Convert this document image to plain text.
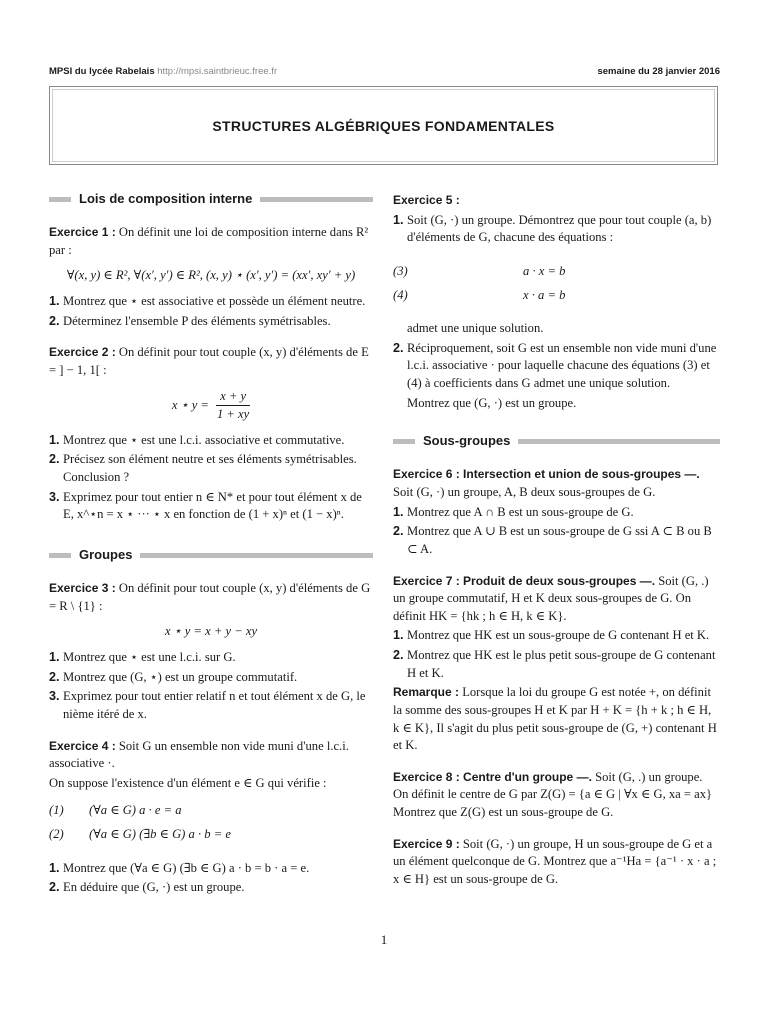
MPSI du lycée Rabelais http://mpsi.saintbrieuc.free.fr	semaine du 28 janvier 2016
STRUCTURES ALGÉBRIQUES FONDAMENTALES
Lois de composition interne
Exercice 1 : On définit une loi de composition interne dans R² par :
∀(x, y) ∈ R², ∀(x′, y′) ∈ R², (x, y) ⋆ (x′, y′) = (xx′, xy′ + y)
1. Montrez que ⋆ est associative et possède un élément neutre.
2. Déterminez l'ensemble P des éléments symétrisables.
Exercice 2 : On définit pour tout couple (x, y) d'éléments de E = ] − 1, 1[ :
x ⋆ $y = \frac{x + y}{1 + xy}$
1. Montrez que ⋆ est une l.c.i. associative et commutative.
2. Précisez son élément neutre et ses éléments symétrisables. Conclusion ?
3. Exprimez pour tout entier n ∈ N* et pour tout élément x de E, x^⋆n = x ⋆ ··· ⋆ x en fonction de (1 + x)ⁿ et (1 − x)ⁿ.
Groupes
Exercice 3 : On définit pour tout couple (x, y) d'éléments de G = R \ {1} :
x ⋆ y = x + y − xy
1. Montrez que ⋆ est une l.c.i. sur G.
2. Montrez que (G, ⋆) est un groupe commutatif.
3. Exprimez pour tout entier relatif n et tout élément x de G, le nième itéré de x.
Exercice 4 : Soit G un ensemble non vide muni d'une l.c.i. associative ·.
On suppose l'existence d'un élément e ∈ G qui vérifie :
(1)	(∀a ∈ G) a · e = a
(2)	(∀a ∈ G) (∃b ∈ G) a · b = e
1. Montrez que (∀a ∈ G) (∃b ∈ G) a · b = b · a = e.
2. En déduire que (G, ·) est un groupe.
Exercice 5 :
1. Soit (G, ·) un groupe. Démontrez que pour tout couple (a, b) d'éléments de G, chacune des équations :
(3)	a · x = b
(4)	x · a = b
admet une unique solution.
2. Réciproquement, soit G est un ensemble non vide muni d'une l.c.i. associative · pour laquelle chacune des équations (3) et (4) à coefficients dans G admet une unique solution.
Montrez que (G, ·) est un groupe.
Sous-groupes
Exercice 6 : Intersection et union de sous-groupes —. Soit (G, ·) un groupe, A, B deux sous-groupes de G.
1. Montrez que A ∩ B est un sous-groupe de G.
2. Montrez que A ∪ B est un sous-groupe de G ssi A ⊂ B ou B ⊂ A.
Exercice 7 : Produit de deux sous-groupes —. Soit (G, .) un groupe commutatif, H et K deux sous-groupes de G. On définit HK = {hk ; h ∈ H, k ∈ K}.
1. Montrez que HK est un sous-groupe de G contenant H et K.
2. Montrez que HK est le plus petit sous-groupe de G contenant H et K.
Remarque : Lorsque la loi du groupe G est notée +, on définit la somme des sous-groupes H et K par H + K = {h + k ; h ∈ H, k ∈ K}, Il s'agit du plus petit sous-groupe de (G, +) contenant H et K.
Exercice 8 : Centre d'un groupe —. Soit (G, .) un groupe. On définit le centre de G par Z(G) = {a ∈ G | ∀x ∈ G, xa = ax} Montrez que Z(G) est un sous-groupe de G.
Exercice 9 : Soit (G, ·) un groupe, H un sous-groupe de G et a un élément quelconque de G. Montrez que a⁻¹Ha = {a⁻¹ · x · a ; x ∈ H} est un sous-groupe de G.
1
